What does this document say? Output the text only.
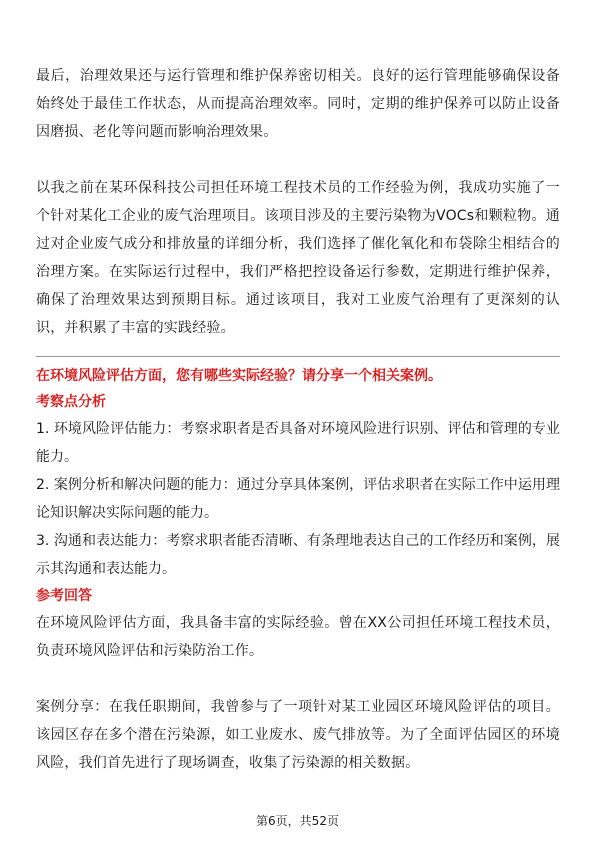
最后，治理效果还与运行管理和维护保养密切相关。良好的运行管理能够确保设备始终处于最佳工作状态，从而提高治理效率。同时，定期的维护保养可以防止设备因磨损、老化等问题而影响治理效果。

以我之前在某环保科技公司担任环境工程技术员的工作经验为例，我成功实施了一个针对某化工企业的废气治理项目。该项目涉及的主要污染物为VOCs和颗粒物。通过对企业废气成分和排放量的详细分析，我们选择了催化氧化和布袋除尘相结合的治理方案。在实际运行过程中，我们严格把控设备运行参数，定期进行维护保养，确保了治理效果达到预期目标。通过该项目，我对工业废气治理有了更深刻的认识，并积累了丰富的实践经验。

在环境风险评估方面，您有哪些实际经验？请分享一个相关案例。
考察点分析
1. 环境风险评估能力：考察求职者是否具备对环境风险进行识别、评估和管理的专业能力。
2. 案例分析和解决问题的能力：通过分享具体案例，评估求职者在实际工作中运用理论知识解决实际问题的能力。
3. 沟通和表达能力：考察求职者能否清晰、有条理地表达自己的工作经历和案例，展示其沟通和表达能力。
参考回答

在环境风险评估方面，我具备丰富的实际经验。曾在XX公司担任环境工程技术员，负责环境风险评估和污染防治工作。

案例分享：在我任职期间，我曾参与了一项针对某工业园区环境风险评估的项目。该园区存在多个潜在污染源，如工业废水、废气排放等。为了全面评估园区的环境风险，我们首先进行了现场调查，收集了污染源的相关数据。

第6页，共52页
